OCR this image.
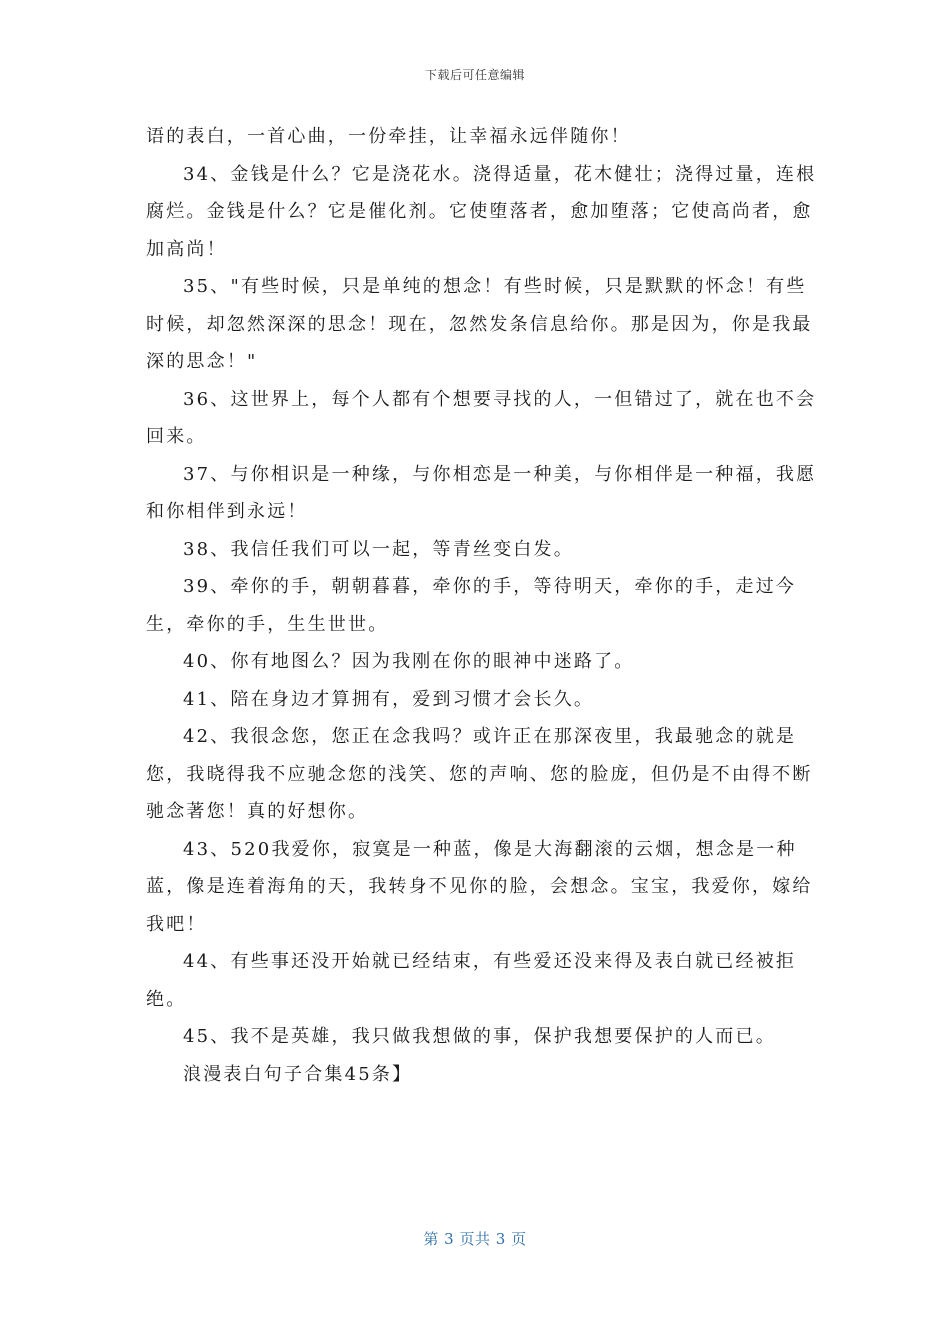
下载后可任意编辑

语的表白，一首心曲，一份牵挂，让幸福永远伴随你！

34、金钱是什么？它是浇花水。浇得适量，花木健壮；浇得过量，连根腐烂。金钱是什么？它是催化剂。它使堕落者，愈加堕落；它使高尚者，愈加高尚！

35、"有些时候，只是单纯的想念！有些时候，只是默默的怀念！有些时候，却忽然深深的思念！现在，忽然发条信息给你。那是因为，你是我最深的思念！"

36、这世界上，每个人都有个想要寻找的人，一但错过了，就在也不会回来。

37、与你相识是一种缘，与你相恋是一种美，与你相伴是一种福，我愿和你相伴到永远！

38、我信任我们可以一起，等青丝变白发。

39、牵你的手，朝朝暮暮，牵你的手，等待明天，牵你的手，走过今生，牵你的手，生生世世。

40、你有地图么？因为我刚在你的眼神中迷路了。

41、陪在身边才算拥有，爱到习惯才会长久。

42、我很念您，您正在念我吗？或许正在那深夜里，我最驰念的就是您，我晓得我不应驰念您的浅笑、您的声响、您的脸庞，但仍是不由得不断驰念著您！真的好想你。

43、520我爱你，寂寞是一种蓝，像是大海翻滚的云烟，想念是一种蓝，像是连着海角的天，我转身不见你的脸，会想念。宝宝，我爱你，嫁给我吧！

44、有些事还没开始就已经结束，有些爱还没来得及表白就已经被拒绝。

45、我不是英雄，我只做我想做的事，保护我想要保护的人而已。

浪漫表白句子合集45条】

第 3 页共 3 页
